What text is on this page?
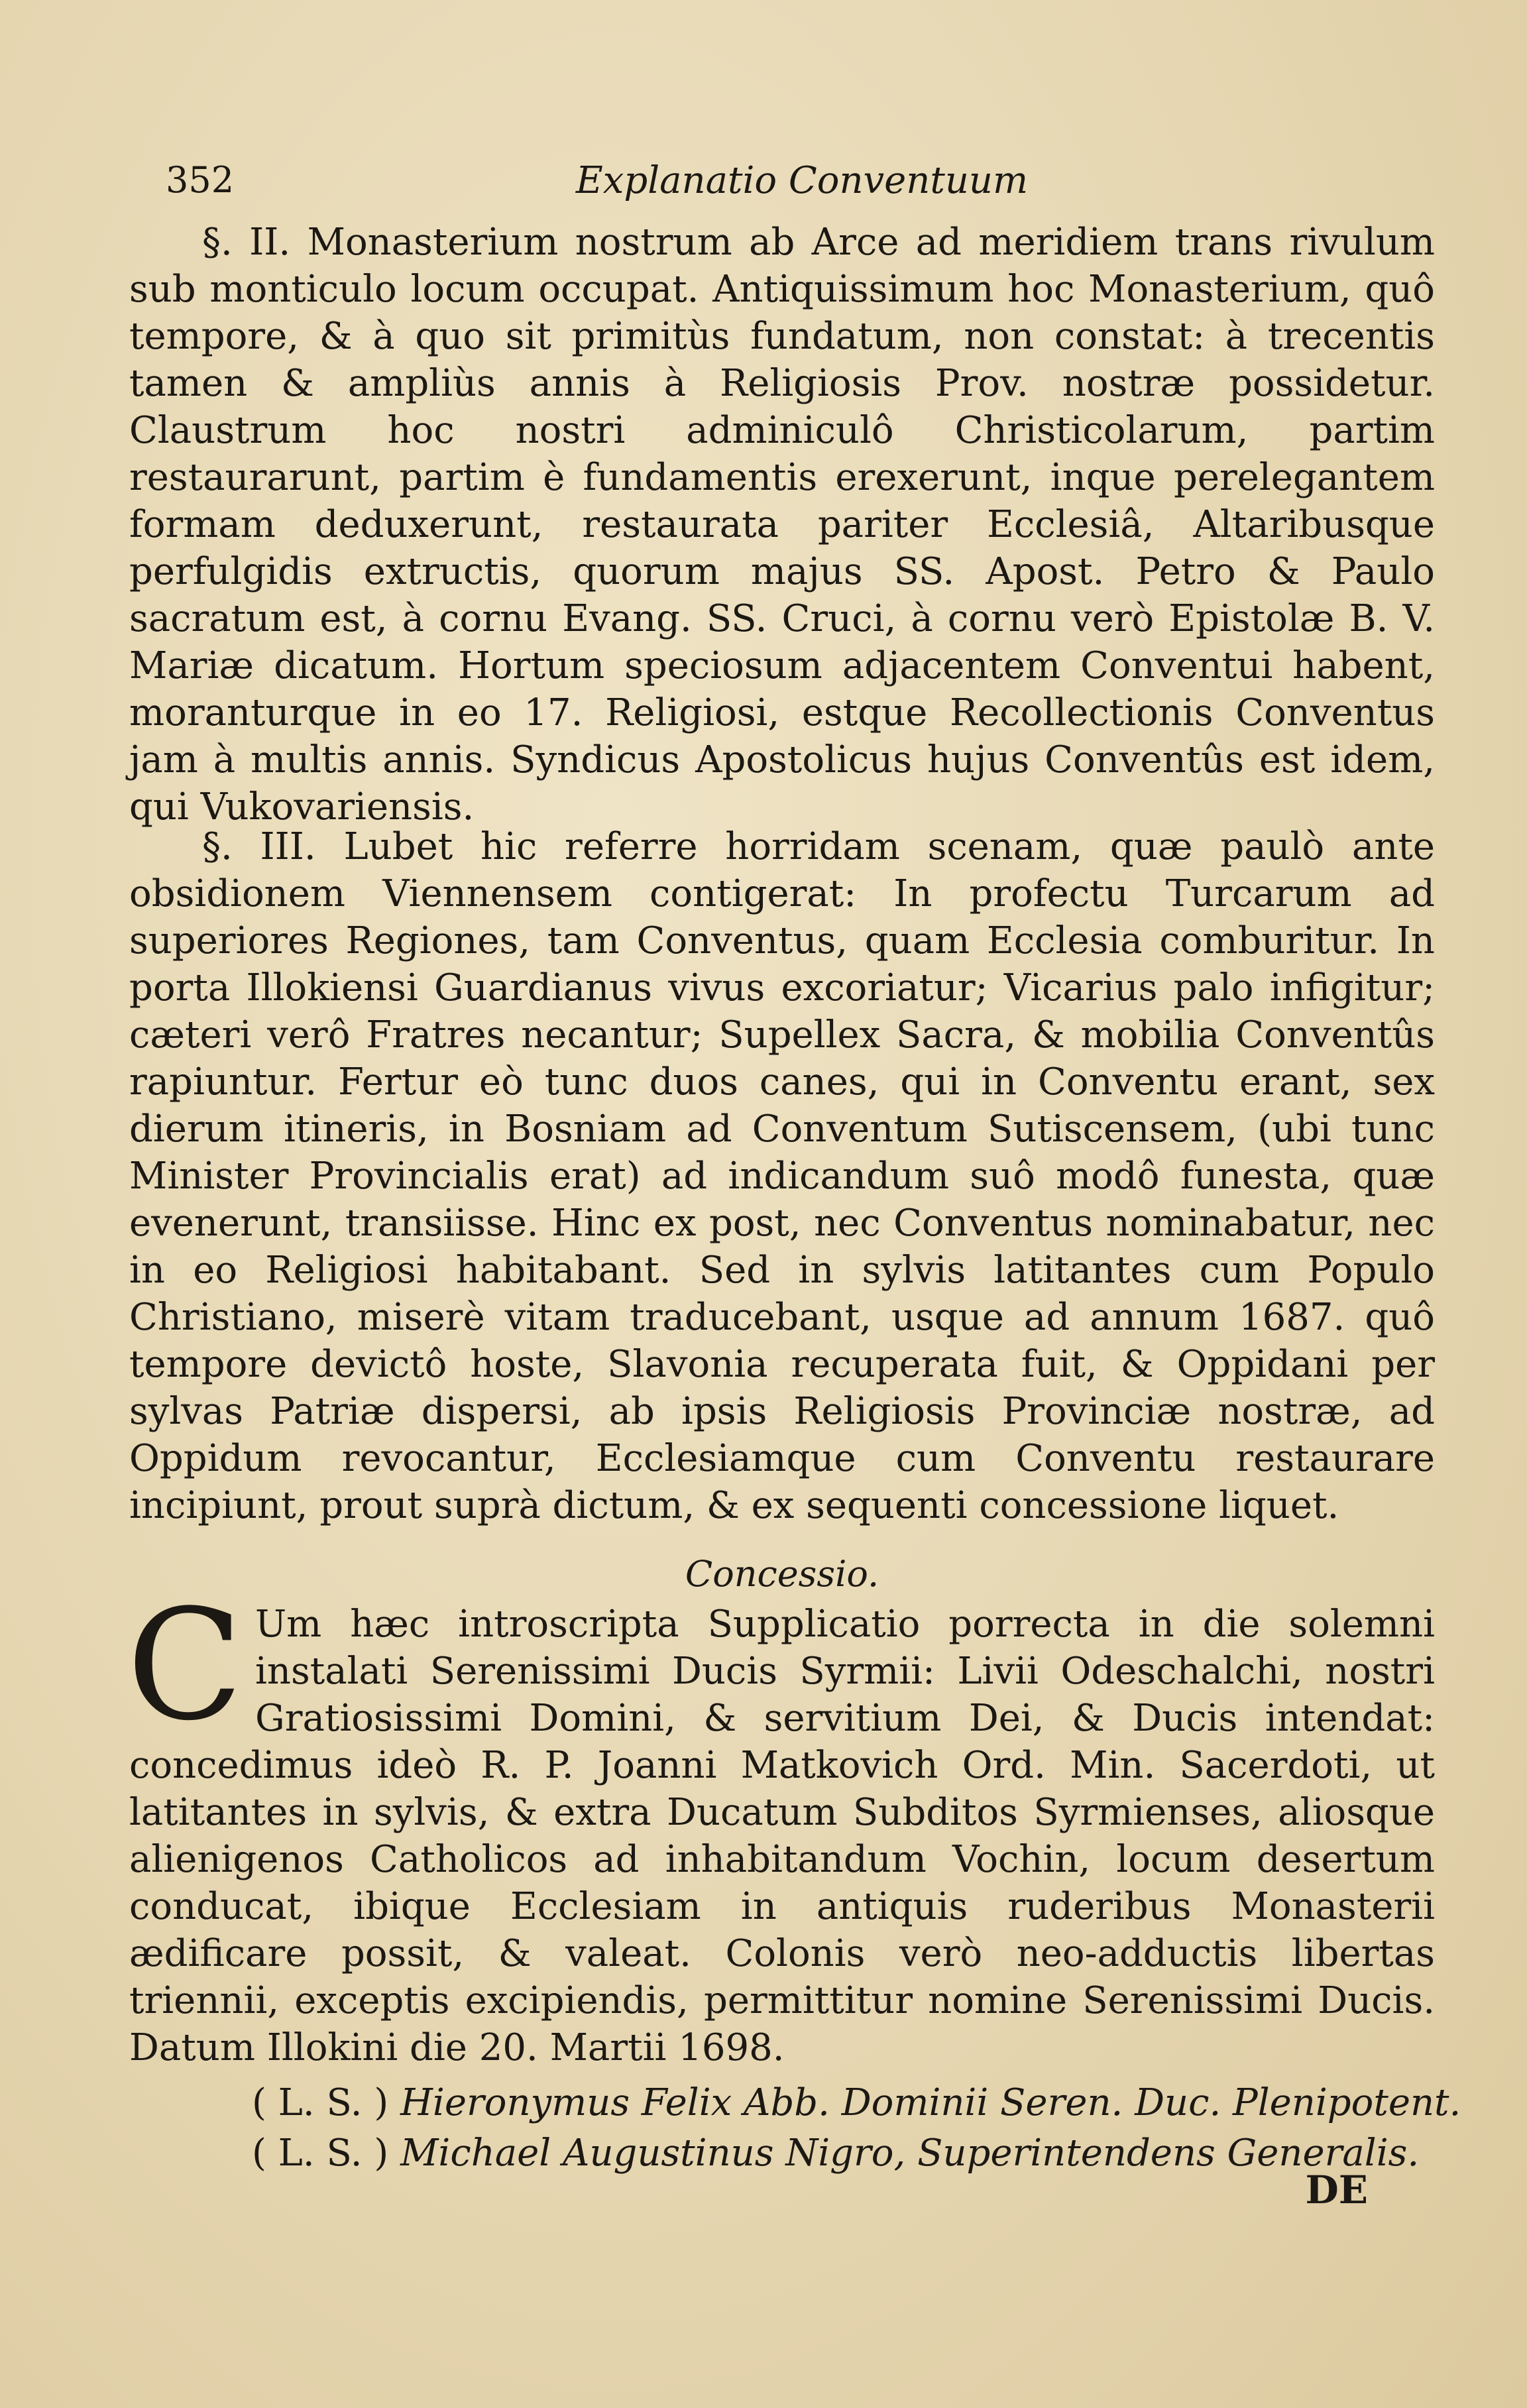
352	Explanatio Conventuum

§. II. Monasterium nostrum ab Arce ad meridiem trans rivulum sub monticulo locum occupat. Antiquissimum hoc Monasterium, quô tempore, & à quo sit primitùs fundatum, non constat: à trecentis tamen & ampliùs annis à Religiosis Prov. nostræ possidetur. Claustrum hoc nostri adminiculô Christicolarum, partim restaurarunt, partim è fundamentis erexerunt, inque perelegantem formam deduxerunt, restaurata pariter Ecclesiâ, Altaribusque perfulgidis extructis, quorum majus SS. Apost. Petro & Paulo sacratum est, à cornu Evang. SS. Cruci, à cornu verò Epistolæ B. V. Mariæ dicatum. Hortum speciosum adjacentem Conventui habent, moranturque in eo 17. Religiosi, estque Recollectionis Conventus jam à multis annis. Syndicus Apostolicus hujus Conventûs est idem, qui Vukovariensis.

§. III. Lubet hic referre horridam scenam, quæ paulò ante obsidionem Viennensem contigerat: In profectu Turcarum ad superiores Regiones, tam Conventus, quam Ecclesia comburitur. In porta Illokiensi Guardianus vivus excoriatur; Vicarius palo infigitur; cæteri verô Fratres necantur; Supellex Sacra, & mobilia Conventûs rapiuntur. Fertur eò tunc duos canes, qui in Conventu erant, sex dierum itineris, in Bosniam ad Conventum Sutiscensem, (ubi tunc Minister Provincialis erat) ad indicandum suô modô funesta, quæ evenerunt, transiisse. Hinc ex post, nec Conventus nominabatur, nec in eo Religiosi habitabant. Sed in sylvis latitantes cum Populo Christiano, miserè vitam traducebant, usque ad annum 1687. quô tempore devictô hoste, Slavonia recuperata fuit, & Oppidani per sylvas Patriæ dispersi, ab ipsis Religiosis Provinciæ nostræ, ad Oppidum revocantur, Ecclesiamque cum Conventu restaurare incipiunt, prout suprà dictum, & ex sequenti concessione liquet.

Concessio.

C Um hæc introscripta Supplicatio porrecta in die solemni instalati Serenissimi Ducis Syrmii: Livii Odeschalchi, nostri Gratiosissimi Domini, & servitium Dei, & Ducis intendat: concedimus ideò R. P. Joanni Matkovich Ord. Min. Sacerdoti, ut latitantes in sylvis, & extra Ducatum Subditos Syrmienses, aliosque alienigenos Catholicos ad inhabitandum Vochin, locum desertum conducat, ibique Ecclesiam in antiquis ruderibus Monasterii ædificare possit, & valeat. Colonis verò neo-adductis libertas triennii, exceptis excipiendis, permittitur nomine Serenissimi Ducis. Datum Illokini die 20. Martii 1698.

( L. S. ) Hieronymus Felix Abb. Dominii Seren. Duc. Plenipotent.
( L. S. ) Michael Augustinus Nigro, Superintendens Generalis.
DE
